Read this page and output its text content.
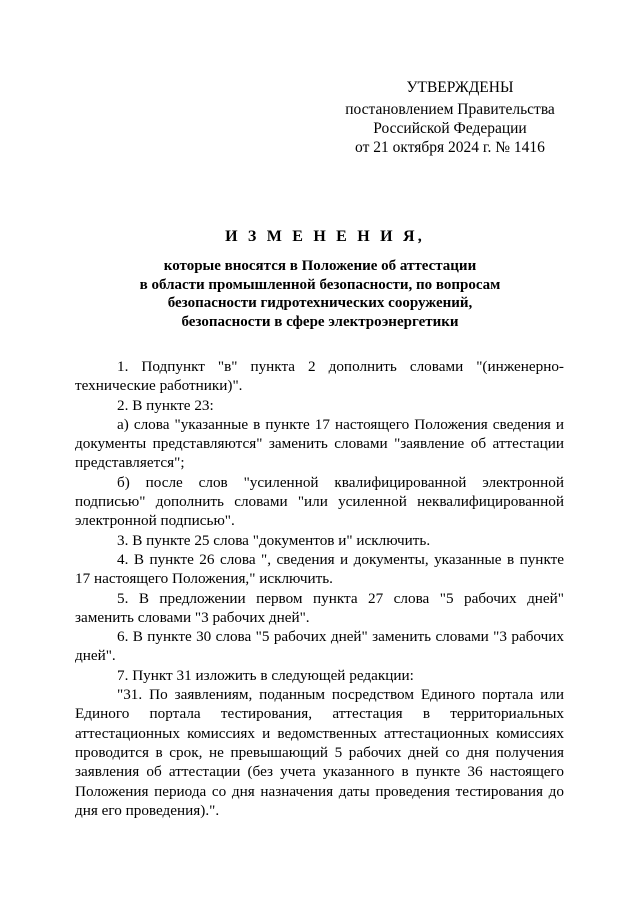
УТВЕРЖДЕНЫ
постановлением Правительства
Российской Федерации
от 21 октября 2024 г. № 1416
И З М Е Н Е Н И Я,
которые вносятся в Положение об аттестации
в области промышленной безопасности, по вопросам
безопасности гидротехнических сооружений,
безопасности в сфере электроэнергетики

1. Подпункт "в" пункта 2 дополнить словами "(инженерно-технические работники)".

2. В пункте 23:

а) слова "указанные в пункте 17 настоящего Положения сведения и документы представляются" заменить словами "заявление об аттестации представляется";

б) после слов "усиленной квалифицированной электронной подписью" дополнить словами "или усиленной неквалифицированной электронной подписью".

3. В пункте 25 слова "документов и" исключить.

4. В пункте 26 слова ", сведения и документы, указанные в пункте 17 настоящего Положения," исключить.

5. В предложении первом пункта 27 слова "5 рабочих дней" заменить словами "3 рабочих дней".

6. В пункте 30 слова "5 рабочих дней" заменить словами "3 рабочих дней".

7. Пункт 31 изложить в следующей редакции:

"31. По заявлениям, поданным посредством Единого портала или Единого портала тестирования, аттестация в территориальных аттестационных комиссиях и ведомственных аттестационных комиссиях проводится в срок, не превышающий 5 рабочих дней со дня получения заявления об аттестации (без учета указанного в пункте 36 настоящего Положения периода со дня назначения даты проведения тестирования до дня его проведения).".
